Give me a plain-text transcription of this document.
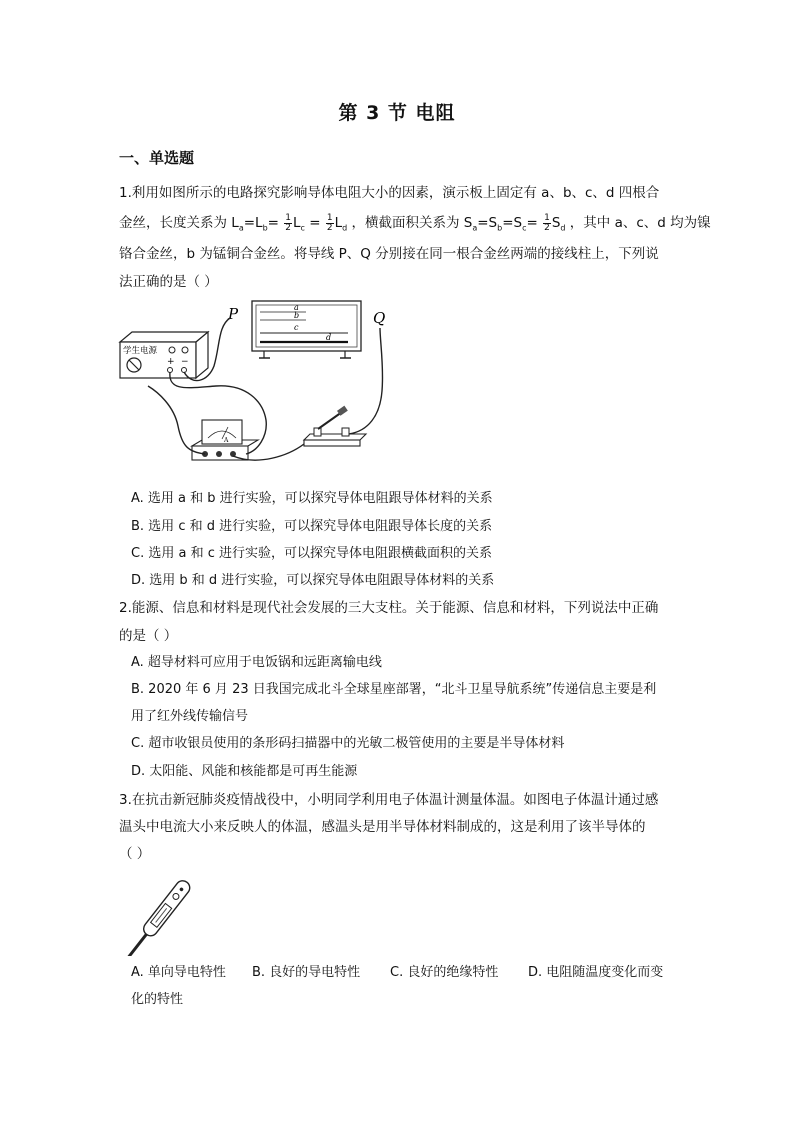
第 3 节 电阻
一、单选题
1.利用如图所示的电路探究影响导体电阻大小的因素，演示板上固定有 a、b、c、d 四根合
金丝，长度关系为 $L_a=L_b= \frac{1}{2} L_c = \frac{1}{2} L_d$ ，横截面积关系为 $S_a=S_b=S_c= \frac{1}{2} S_d$ ，其中 a、c、d 均为镍
铬合金丝，b 为锰铜合金丝。将导线 P、Q 分别接在同一根合金丝两端的接线柱上，下列说
法正确的是（ ）
P	Q
a
b
c
d
学生电源
+ −
A
A. 选用 a 和 b 进行实验，可以探究导体电阻跟导体材料的关系
B. 选用 c 和 d 进行实验，可以探究导体电阻跟导体长度的关系
C. 选用 a 和 c 进行实验，可以探究导体电阻跟横截面积的关系
D. 选用 b 和 d 进行实验，可以探究导体电阻跟导体材料的关系
2.能源、信息和材料是现代社会发展的三大支柱。关于能源、信息和材料，下列说法中正确
的是（ ）
A. 超导材料可应用于电饭锅和远距离输电线
B. 2020 年 6 月 23 日我国完成北斗全球星座部署，“北斗卫星导航系统”传递信息主要是利
用了红外线传输信号
C. 超市收银员使用的条形码扫描器中的光敏二极管使用的主要是半导体材料
D. 太阳能、风能和核能都是可再生能源
3.在抗击新冠肺炎疫情战役中，小明同学利用电子体温计测量体温。如图电子体温计通过感
温头中电流大小来反映人的体温，感温头是用半导体材料制成的，这是利用了该半导体的
（ ）
A. 单向导电特性 B. 良好的导电特性 C. 良好的绝缘特性 D. 电阻随温度变化而变
化的特性
